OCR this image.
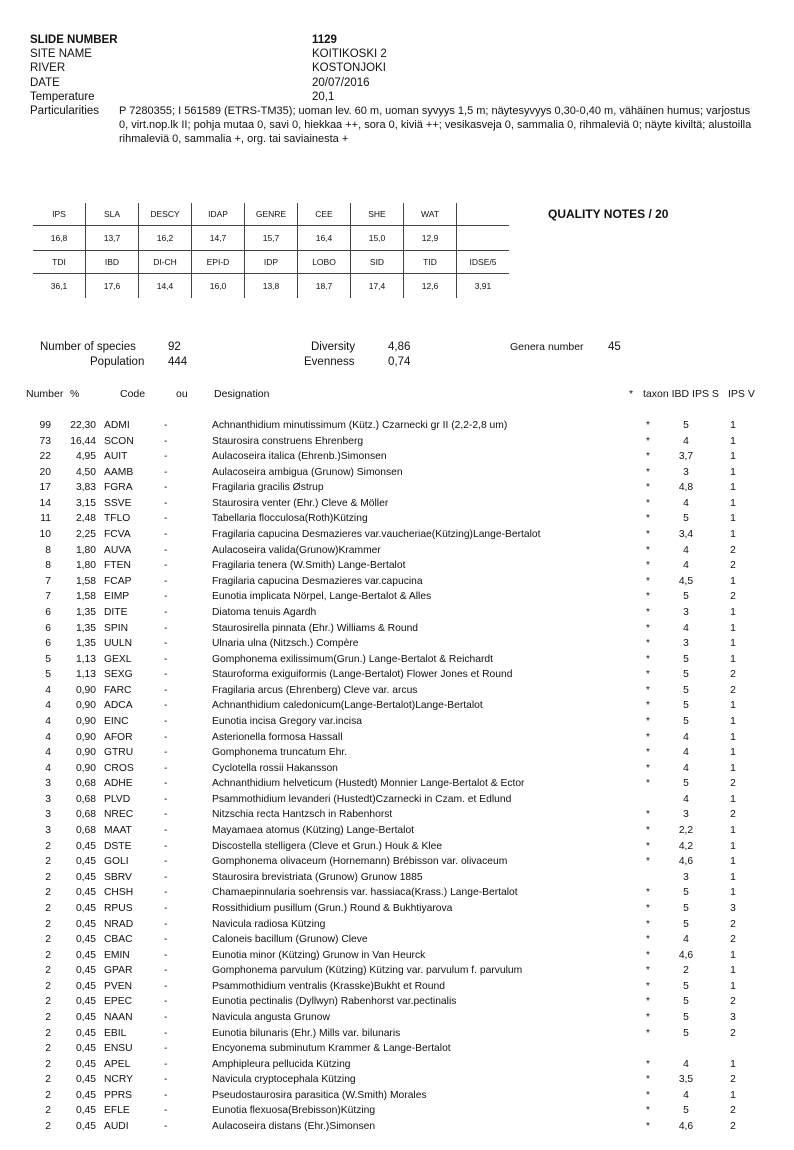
SLIDE NUMBER	1129
SITE NAME	KOITIKOSKI 2
RIVER	KOSTONJOKI
DATE	20/07/2016
Temperature	20,1
Particularities	P 7280355; I 561589 (ETRS-TM35); uoman lev. 60 m, uoman syvyys 1,5 m; näytesyvyys 0,30-0,40 m, vähäinen humus; varjostus 0, virt.nop.lk II; pohja mutaa 0, savi 0, hiekkaa ++, sora 0, kiviä ++; vesikasveja 0, sammalia 0, rihmaleviä 0; näyte kiviltä; alustoilla rihmaleviä 0, sammalia +, org. tai saviainesta +
IPS	SLA	DESCY	IDAP	GENRE	CEE	SHE	WAT	
16,8	13,7	16,2	14,7	15,7	16,4	15,0	12,9	
TDI	IBD	DI-CH	EPI-D	IDP	LOBO	SID	TID	IDSE/5
36,1	17,6	14,4	16,0	13,8	18,7	17,4	12,6	3,91
QUALITY NOTES / 20
Number of species	92
Population 444
Diversity	4,86
Evenness	0,74
Genera number 45
Number %	Code	ou	Designation	* taxon IBD IPS S IPS V
99	22,30 ADMI	-	Achnanthidium minutissimum (Kütz.) Czarnecki gr II (2,2-2,8 um)	*	5	1
73	16,44 SCON	-	Staurosira construens Ehrenberg	*	4	1
22	4,95 AUIT	-	Aulacoseira italica (Ehrenb.)Simonsen	*	3,7	1
20	4,50 AAMB	-	Aulacoseira ambigua (Grunow) Simonsen	*	3	1
17	3,83 FGRA	-	Fragilaria gracilis Østrup	*	4,8	1
14	3,15 SSVE	-	Staurosira venter (Ehr.) Cleve & Möller	*	4	1
11	2,48 TFLO	-	Tabellaria flocculosa(Roth)Kützing	*	5	1
10	2,25 FCVA	-	Fragilaria capucina Desmazieres var.vaucheriae(Kützing)Lange-Bertalot	*	3,4	1
8	1,80 AUVA	-	Aulacoseira valida(Grunow)Krammer	*	4	2
8	1,80 FTEN	-	Fragilaria tenera (W.Smith) Lange-Bertalot	*	4	2
7	1,58 FCAP	-	Fragilaria capucina Desmazieres var.capucina	*	4,5	1
7	1,58 EIMP	-	Eunotia implicata Nörpel, Lange-Bertalot & Alles	*	5	2
6	1,35 DITE	-	Diatoma tenuis Agardh	*	3	1
6	1,35 SPIN	-	Staurosirella pinnata (Ehr.) Williams & Round	*	4	1
6	1,35 UULN	-	Ulnaria ulna (Nitzsch.) Compère	*	3	1
5	1,13 GEXL	-	Gomphonema exilissimum(Grun.) Lange-Bertalot & Reichardt	*	5	1
5	1,13 SEXG	-	Stauroforma exiguiformis (Lange-Bertalot) Flower Jones et Round	*	5	2
4	0,90 FARC	-	Fragilaria arcus (Ehrenberg) Cleve var. arcus	*	5	2
4	0,90 ADCA	-	Achnanthidium caledonicum(Lange-Bertalot)Lange-Bertalot	*	5	1
4	0,90 EINC	-	Eunotia incisa Gregory var.incisa	*	5	1
4	0,90 AFOR	-	Asterionella formosa Hassall	*	4	1
4	0,90 GTRU	-	Gomphonema truncatum Ehr.	*	4	1
4	0,90 CROS	-	Cyclotella rossii Hakansson	*	4	1
3	0,68 ADHE	-	Achnanthidium helveticum (Hustedt) Monnier Lange-Bertalot & Ector	*	5	2
3	0,68 PLVD	-	Psammothidium levanderi (Hustedt)Czarnecki in Czam. et Edlund	4	1
3	0,68 NREC	-	Nitzschia recta Hantzsch in Rabenhorst	*	3	2
3	0,68 MAAT	-	Mayamaea atomus (Kützing) Lange-Bertalot	*	2,2	1
2	0,45 DSTE	-	Discostella stelligera (Cleve et Grun.) Houk & Klee	*	4,2	1
2	0,45 GOLI	-	Gomphonema olivaceum (Hornemann) Brébisson var. olivaceum	*	4,6	1
2	0,45 SBRV	-	Staurosira brevistriata (Grunow) Grunow 1885	3	1
2	0,45 CHSH	-	Chamaepinnularia soehrensis var. hassiaca(Krass.) Lange-Bertalot	*	5	1
2	0,45 RPUS	-	Rossithidium pusillum (Grun.) Round & Bukhtiyarova	*	5	3
2	0,45 NRAD	-	Navicula radiosa Kützing	*	5	2
2	0,45 CBAC	-	Caloneis bacillum (Grunow) Cleve	*	4	2
2	0,45 EMIN	-	Eunotia minor (Kützing) Grunow in Van Heurck	*	4,6	1
2	0,45 GPAR	-	Gomphonema parvulum (Kützing) Kützing var. parvulum f. parvulum	*	2	1
2	0,45 PVEN	-	Psammothidium ventralis (Krasske)Bukht et Round	*	5	1
2	0,45 EPEC	-	Eunotia pectinalis (Dyllwyn) Rabenhorst var.pectinalis	*	5	2
2	0,45 NAAN	-	Navicula angusta Grunow	*	5	3
2	0,45 EBIL	-	Eunotia bilunaris (Ehr.) Mills var. bilunaris	*	5	2
2	0,45 ENSU	-	Encyonema subminutum Krammer & Lange-Bertalot
2	0,45 APEL	-	Amphipleura pellucida Kützing	*	4	1
2	0,45 NCRY	-	Navicula cryptocephala Kützing	*	3,5	2
2	0,45 PPRS	-	Pseudostaurosira parasitica (W.Smith) Morales	*	4	1
2	0,45 EFLE	-	Eunotia flexuosa(Brebisson)Kützing	*	5	2
2	0,45 AUDI	-	Aulacoseira distans (Ehr.)Simonsen	*	4,6	2
